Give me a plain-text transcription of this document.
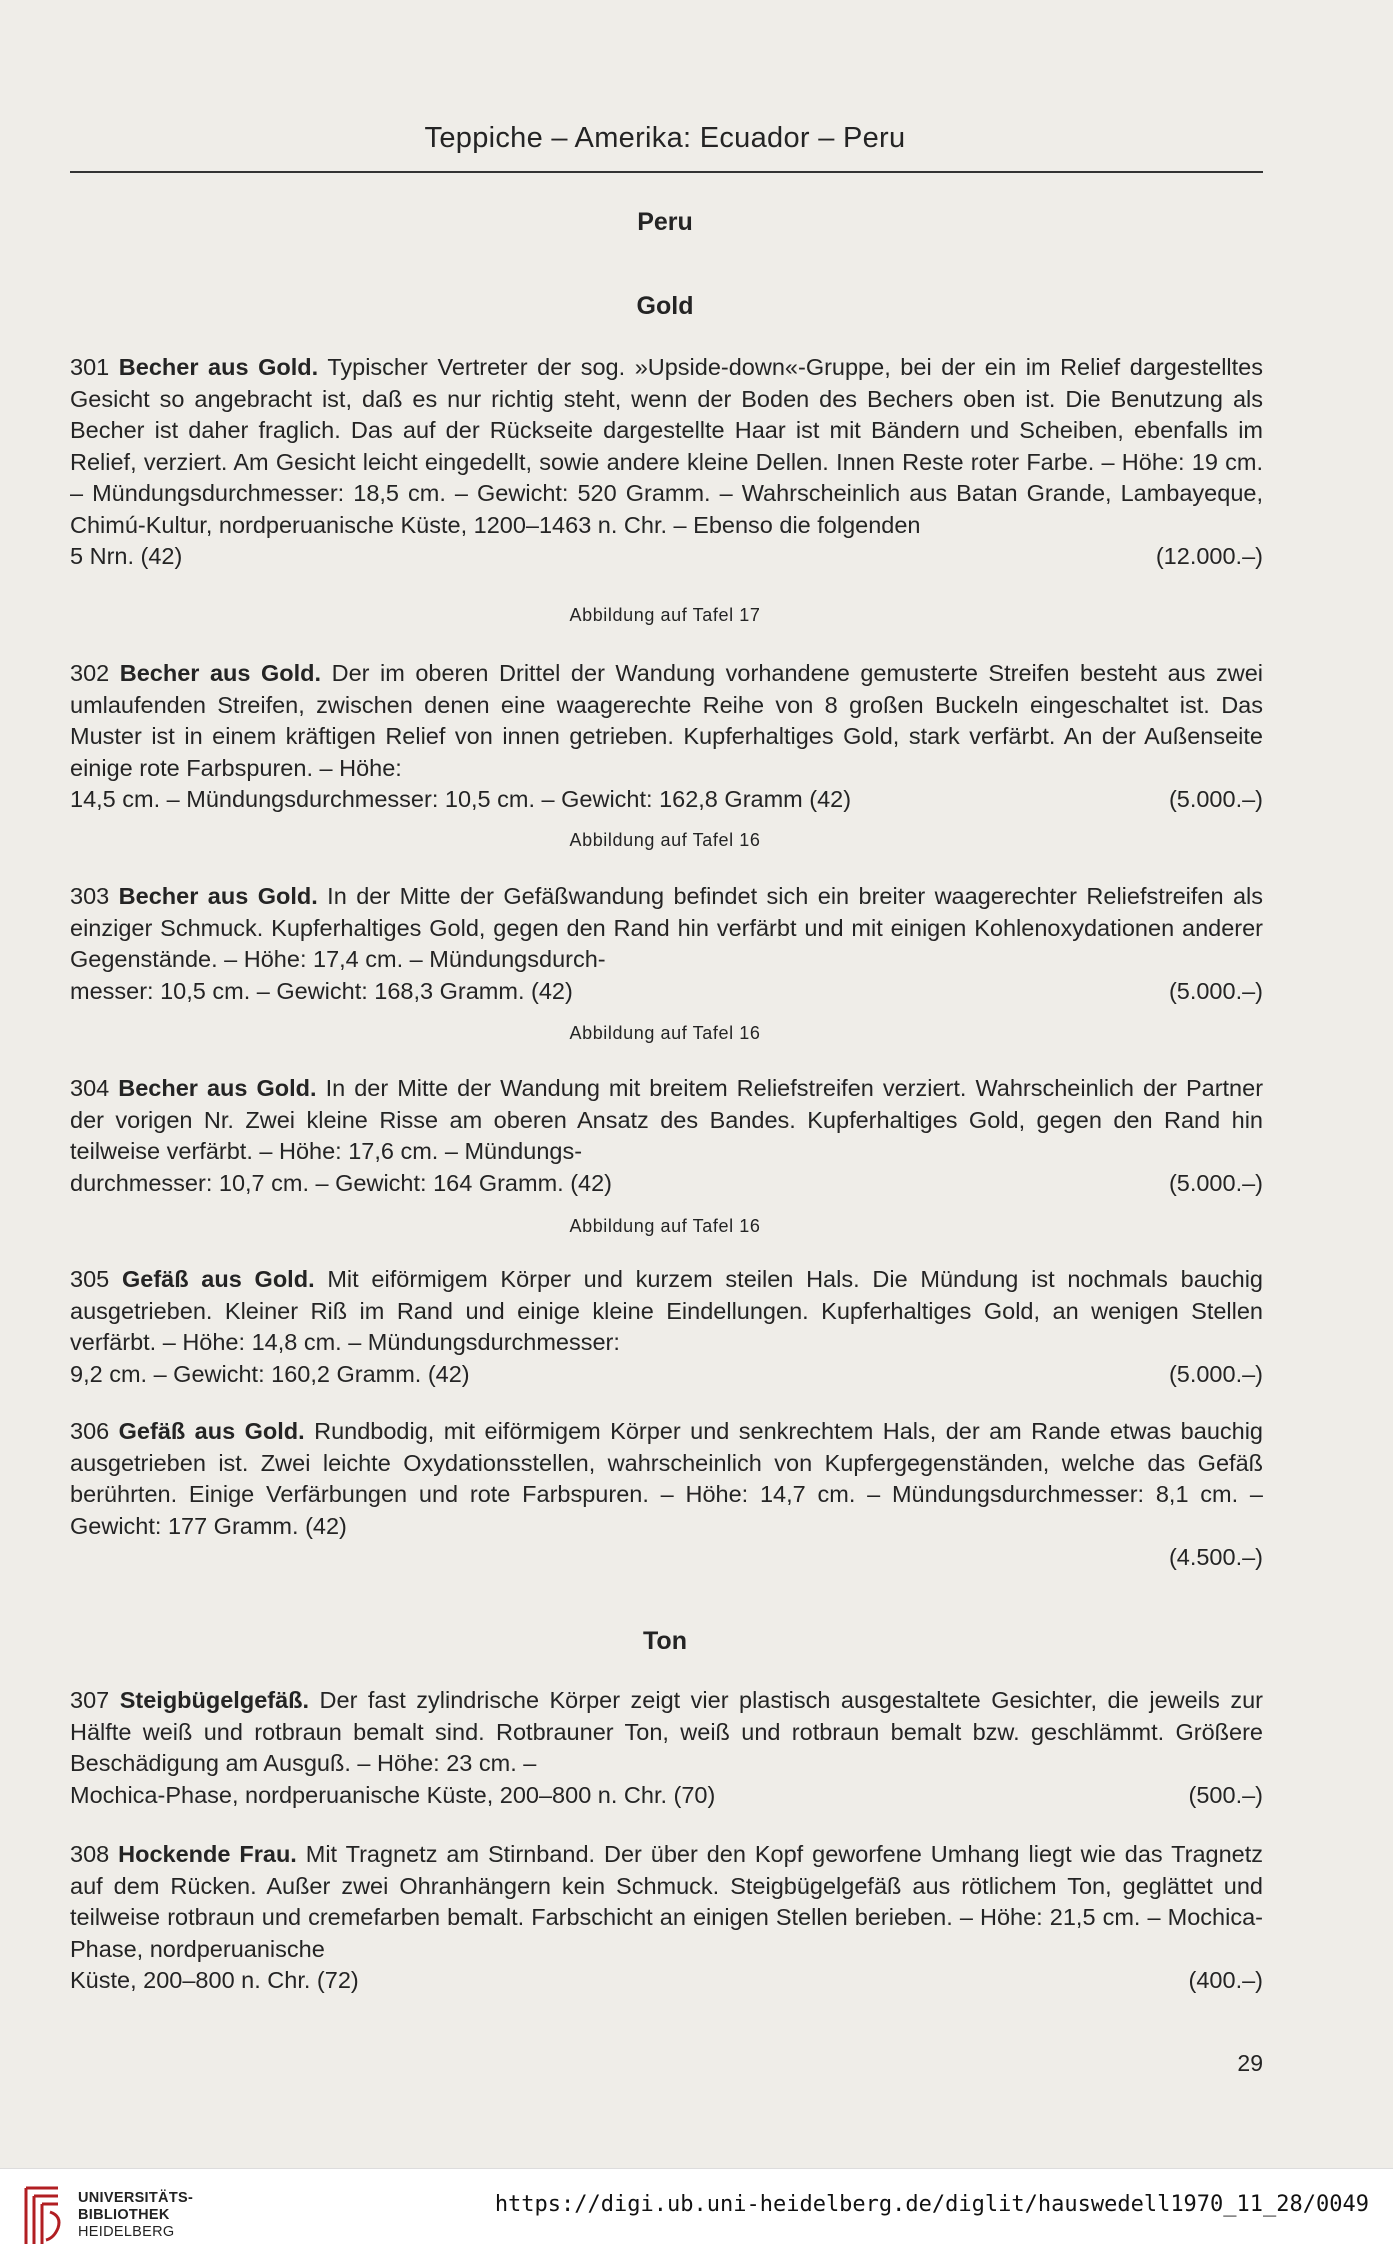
Teppiche – Amerika: Ecuador – Peru
Peru
Gold
301 Becher aus Gold. Typischer Vertreter der sog. »Upside-down«-Gruppe, bei der ein im Relief dargestelltes Gesicht so angebracht ist, daß es nur richtig steht, wenn der Boden des Bechers oben ist. Die Benutzung als Becher ist daher fraglich. Das auf der Rückseite dargestellte Haar ist mit Bändern und Scheiben, ebenfalls im Relief, verziert. Am Gesicht leicht eingedellt, sowie andere kleine Dellen. Innen Reste roter Farbe. – Höhe: 19 cm. – Mündungsdurchmesser: 18,5 cm. – Gewicht: 520 Gramm. – Wahrscheinlich aus Batan Grande, Lambayeque, Chimú-Kultur, nordperuanische Küste, 1200–1463 n. Chr. – Ebenso die folgenden
5 Nrn. (42)	(12.000.–)
Abbildung auf Tafel 17
302 Becher aus Gold. Der im oberen Drittel der Wandung vorhandene gemusterte Streifen besteht aus zwei umlaufenden Streifen, zwischen denen eine waagerechte Reihe von 8 großen Buckeln eingeschaltet ist. Das Muster ist in einem kräftigen Relief von innen getrieben. Kupferhaltiges Gold, stark verfärbt. An der Außenseite einige rote Farbspuren. – Höhe:
14,5 cm. – Mündungsdurchmesser: 10,5 cm. – Gewicht: 162,8 Gramm (42)	(5.000.–)
Abbildung auf Tafel 16
303 Becher aus Gold. In der Mitte der Gefäßwandung befindet sich ein breiter waagerechter Reliefstreifen als einziger Schmuck. Kupferhaltiges Gold, gegen den Rand hin verfärbt und mit einigen Kohlenoxydationen anderer Gegenstände. – Höhe: 17,4 cm. – Mündungsdurch-
messer: 10,5 cm. – Gewicht: 168,3 Gramm. (42)	(5.000.–)
Abbildung auf Tafel 16
304 Becher aus Gold. In der Mitte der Wandung mit breitem Reliefstreifen verziert. Wahrscheinlich der Partner der vorigen Nr. Zwei kleine Risse am oberen Ansatz des Bandes. Kupferhaltiges Gold, gegen den Rand hin teilweise verfärbt. – Höhe: 17,6 cm. – Mündungs-
durchmesser: 10,7 cm. – Gewicht: 164 Gramm. (42)	(5.000.–)
Abbildung auf Tafel 16
305 Gefäß aus Gold. Mit eiförmigem Körper und kurzem steilen Hals. Die Mündung ist nochmals bauchig ausgetrieben. Kleiner Riß im Rand und einige kleine Eindellungen. Kupferhaltiges Gold, an wenigen Stellen verfärbt. – Höhe: 14,8 cm. – Mündungsdurchmesser:
9,2 cm. – Gewicht: 160,2 Gramm. (42)	(5.000.–)
306 Gefäß aus Gold. Rundbodig, mit eiförmigem Körper und senkrechtem Hals, der am Rande etwas bauchig ausgetrieben ist. Zwei leichte Oxydationsstellen, wahrscheinlich von Kupfergegenständen, welche das Gefäß berührten. Einige Verfärbungen und rote Farbspuren. – Höhe: 14,7 cm. – Mündungsdurchmesser: 8,1 cm. – Gewicht: 177 Gramm. (42)
(4.500.–)
Ton
307 Steigbügelgefäß. Der fast zylindrische Körper zeigt vier plastisch ausgestaltete Gesichter, die jeweils zur Hälfte weiß und rotbraun bemalt sind. Rotbrauner Ton, weiß und rotbraun bemalt bzw. geschlämmt. Größere Beschädigung am Ausguß. – Höhe: 23 cm. –
Mochica-Phase, nordperuanische Küste, 200–800 n. Chr. (70)	(500.–)
308 Hockende Frau. Mit Tragnetz am Stirnband. Der über den Kopf geworfene Umhang liegt wie das Tragnetz auf dem Rücken. Außer zwei Ohranhängern kein Schmuck. Steigbügelgefäß aus rötlichem Ton, geglättet und teilweise rotbraun und cremefarben bemalt. Farbschicht an einigen Stellen berieben. – Höhe: 21,5 cm. – Mochica-Phase, nordperuanische
Küste, 200–800 n. Chr. (72)	(400.–)
29
UNIVERSITÄTS-
BIBLIOTHEK
HEIDELBERG
https://digi.ub.uni-heidelberg.de/diglit/hauswedell1970_11_28/0049
